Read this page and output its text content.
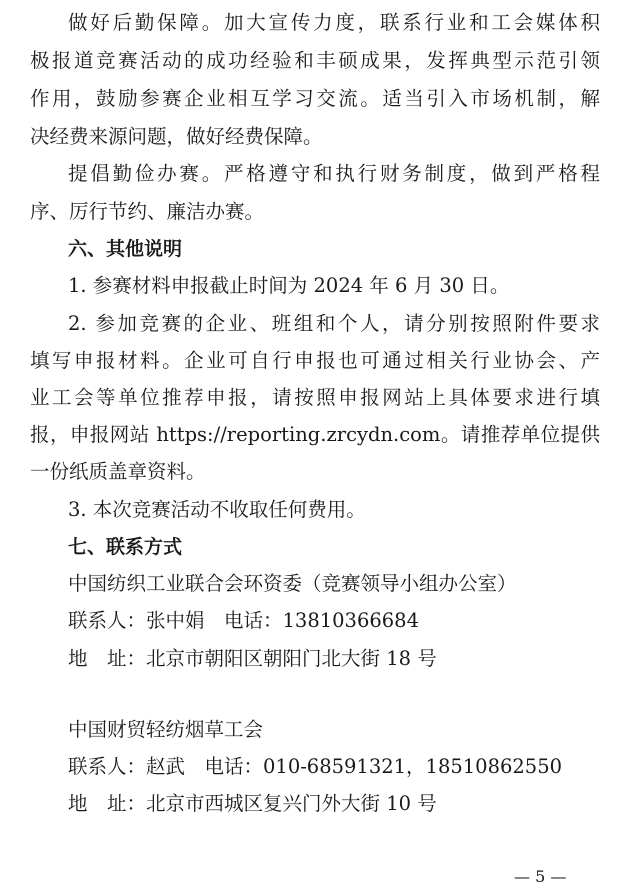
做好后勤保障。加大宣传力度，联系行业和工会媒体积
极报道竞赛活动的成功经验和丰硕成果，发挥典型示范引领
作用，鼓励参赛企业相互学习交流。适当引入市场机制，解
决经费来源问题，做好经费保障。
提倡勤俭办赛。严格遵守和执行财务制度，做到严格程
序、厉行节约、廉洁办赛。
六、其他说明
1. 参赛材料申报截止时间为 2024 年 6 月 30 日。
2. 参加竞赛的企业、班组和个人，请分别按照附件要求
填写申报材料。企业可自行申报也可通过相关行业协会、产
业工会等单位推荐申报，请按照申报网站上具体要求进行填
报，申报网站 https://reporting.zrcydn.com。请推荐单位提供
一份纸质盖章资料。
3. 本次竞赛活动不收取任何费用。
七、联系方式
中国纺织工业联合会环资委（竞赛领导小组办公室）
联系人：张中娟　电话：13810366684
地　址：北京市朝阳区朝阳门北大街 18 号
中国财贸轻纺烟草工会
联系人：赵武　电话：010-68591321，18510862550
地　址：北京市西城区复兴门外大街 10 号
— 5 —
